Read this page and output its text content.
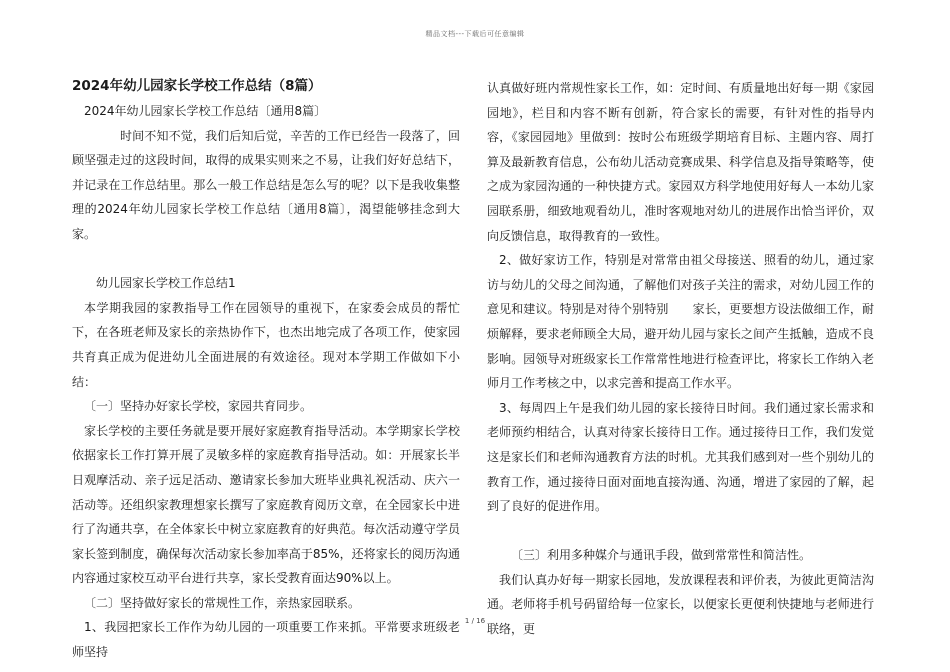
精品文档---下载后可任意编辑

2024年幼儿园家长学校工作总结（8篇）

2024年幼儿园家长学校工作总结〔通用8篇〕

时间不知不觉，我们后知后觉，辛苦的工作已经告一段落了，回顾坚强走过的这段时间，取得的成果实则来之不易，让我们好好总结下，并记录在工作总结里。那么一般工作总结是怎么写的呢？以下是我收集整理的2024年幼儿园家长学校工作总结〔通用8篇〕，渴望能够挂念到大家。

幼儿园家长学校工作总结1

本学期我园的家教指导工作在园领导的重视下，在家委会成员的帮忙下，在各班老师及家长的亲热协作下，也杰出地完成了各项工作，使家园共育真正成为促进幼儿全面进展的有效途径。现对本学期工作做如下小结：

〔一〕坚持办好家长学校，家园共育同步。

家长学校的主要任务就是要开展好家庭教育指导活动。本学期家长学校依据家长工作打算开展了灵敏多样的家庭教育指导活动。如：开展家长半日观摩活动、亲子远足活动、邀请家长参加大班毕业典礼祝活动、庆六一活动等。还组织家教理想家长撰写了家庭教育阅历文章，在全园家长中进行了沟通共享，在全体家长中树立家庭教育的好典范。每次活动遵守学员家长签到制度，确保每次活动家长参加率高于85%，还将家长的阅历沟通内容通过家校互动平台进行共享，家长受教育面达90%以上。

〔二〕坚持做好家长的常规性工作，亲热家园联系。

1、我园把家长工作作为幼儿园的一项重要工作来抓。平常要求班级老师坚持

认真做好班内常规性家长工作，如：定时间、有质量地出好每一期《家园园地》，栏目和内容不断有创新，符合家长的需要，有针对性的指导内容，《家园园地》里做到：按时公布班级学期培育目标、主题内容、周打算及最新教育信息，公布幼儿活动竞赛成果、科学信息及指导策略等，使之成为家园沟通的一种快捷方式。家园双方科学地使用好每人一本幼儿家园联系册，细致地观看幼儿，准时客观地对幼儿的进展作出恰当评价，双向反馈信息，取得教育的一致性。

2、做好家访工作，特别是对常常由祖父母接送、照看的幼儿，通过家访与幼儿的父母之间沟通，了解他们对孩子关注的需求，对幼儿园工作的意见和建议。特别是对待个别特别　　家长，更要想方设法做细工作，耐烦解释，要求老师顾全大局，避开幼儿园与家长之间产生抵触，造成不良影响。园领导对班级家长工作常常性地进行检查评比，将家长工作纳入老师月工作考核之中，以求完善和提高工作水平。

3、每周四上午是我们幼儿园的家长接待日时间。我们通过家长需求和老师预约相结合，认真对待家长接待日工作。通过接待日工作，我们发觉这是家长们和老师沟通教育方法的时机。尤其我们感到对一些个别幼儿的教育工作，通过接待日面对面地直接沟通、沟通，增进了家园的了解，起到了良好的促进作用。

〔三〕利用多种媒介与通讯手段，做到常常性和简洁性。

我们认真办好每一期家长园地，发放课程表和评价表，为彼此更简洁沟通。老师将手机号码留给每一位家长，以便家长更便利快捷地与老师进行联络，更

1 / 16
